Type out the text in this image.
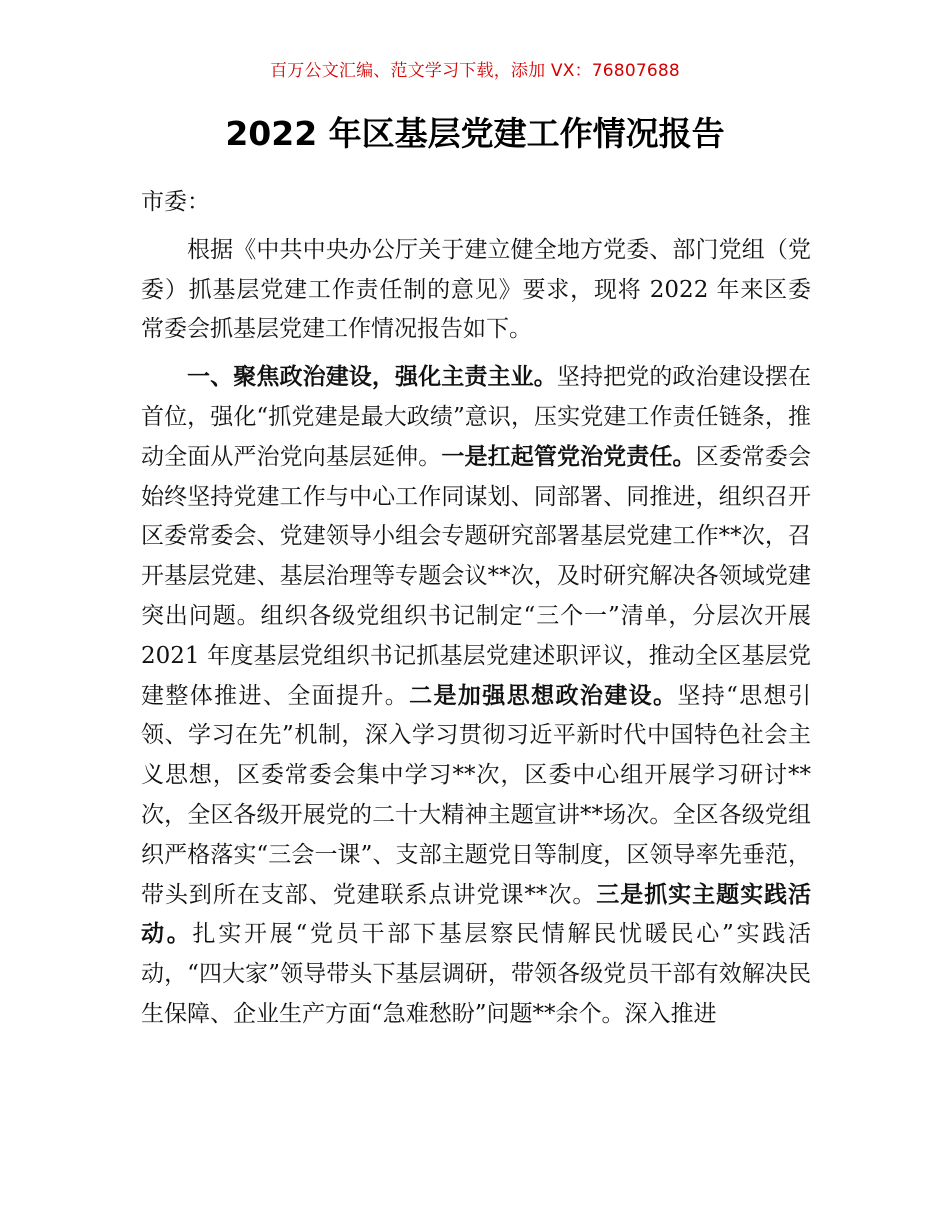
百万公文汇编、范文学习下载，添加 VX：76807688
2022 年区基层党建工作情况报告

市委：

根据《中共中央办公厅关于建立健全地方党委、部门党组（党委）抓基层党建工作责任制的意见》要求，现将 2022 年来区委常委会抓基层党建工作情况报告如下。

一、聚焦政治建设，强化主责主业。坚持把党的政治建设摆在首位，强化“抓党建是最大政绩”意识，压实党建工作责任链条，推动全面从严治党向基层延伸。一是扛起管党治党责任。区委常委会始终坚持党建工作与中心工作同谋划、同部署、同推进，组织召开区委常委会、党建领导小组会专题研究部署基层党建工作**次，召开基层党建、基层治理等专题会议**次，及时研究解决各领域党建突出问题。组织各级党组织书记制定“三个一”清单，分层次开展 2021 年度基层党组织书记抓基层党建述职评议，推动全区基层党建整体推进、全面提升。二是加强思想政治建设。坚持“思想引领、学习在先”机制，深入学习贯彻习近平新时代中国特色社会主义思想，区委常委会集中学习**次，区委中心组开展学习研讨**次，全区各级开展党的二十大精神主题宣讲**场次。全区各级党组织严格落实“三会一课”、支部主题党日等制度，区领导率先垂范，带头到所在支部、党建联系点讲党课**次。三是抓实主题实践活动。扎实开展“党员干部下基层察民情解民忧暖民心”实践活动，“四大家”领导带头下基层调研，带领各级党员干部有效解决民生保障、企业生产方面“急难愁盼”问题**余个。深入推进
